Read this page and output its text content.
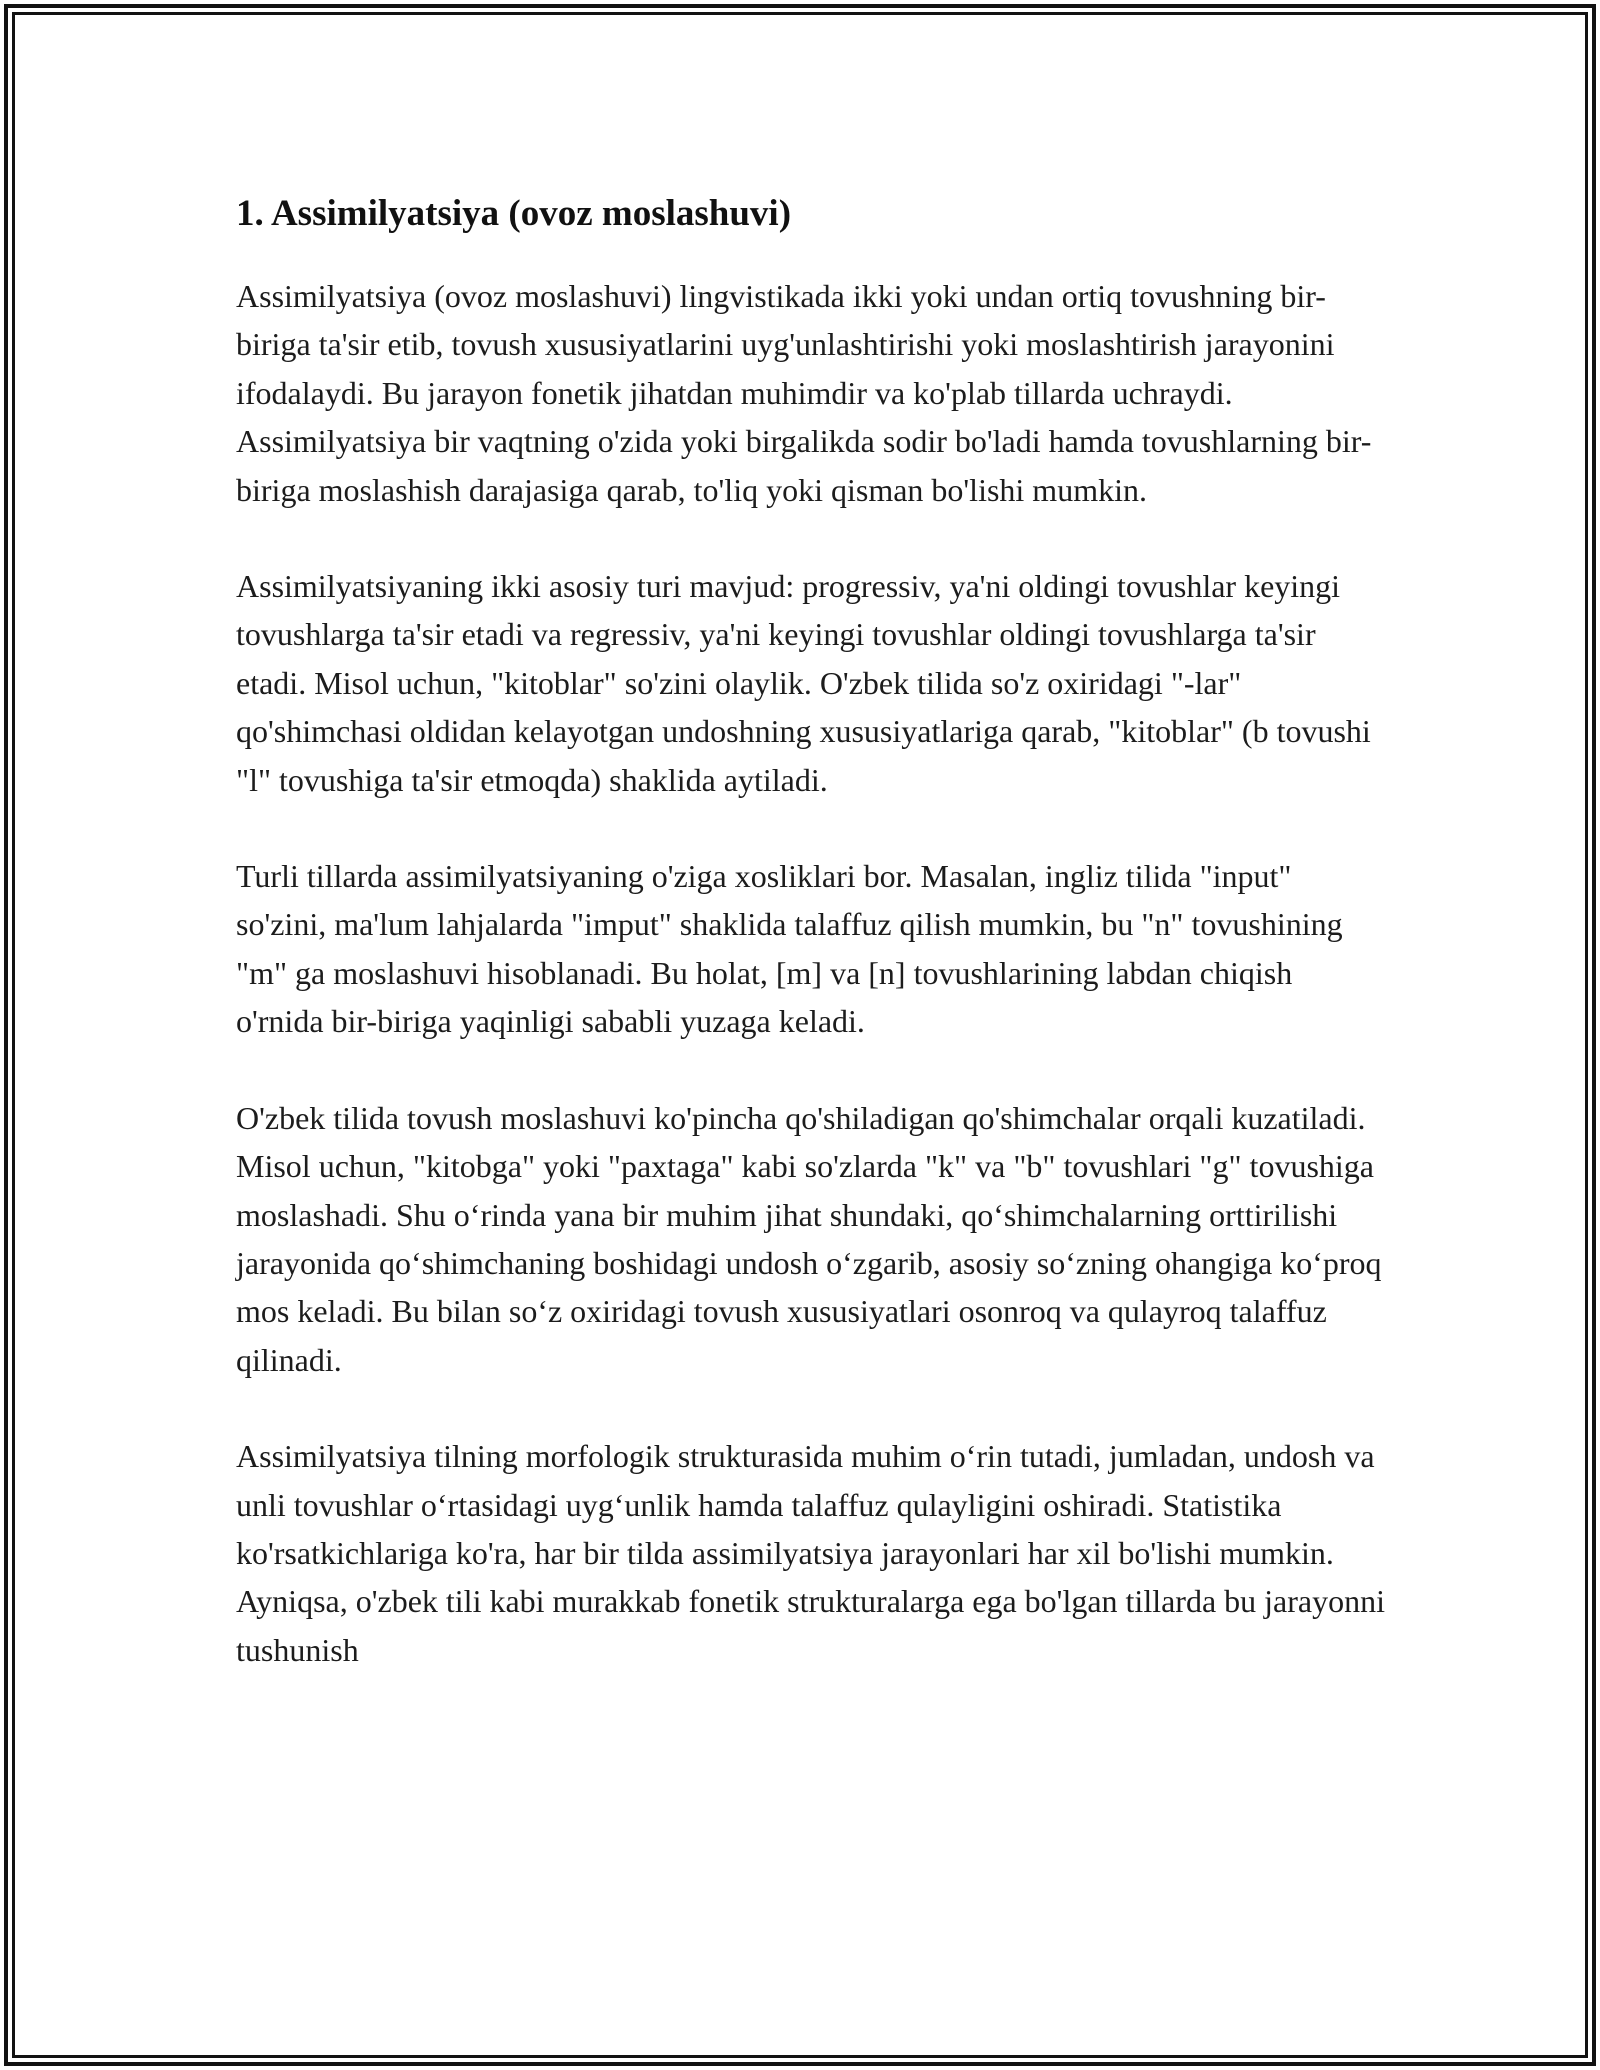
1. Assimilyatsiya (ovoz moslashuvi)

Assimilyatsiya (ovoz moslashuvi) lingvistikada ikki yoki undan ortiq tovushning bir-biriga ta'sir etib, tovush xususiyatlarini uyg'unlashtirishi yoki moslashtirish jarayonini ifodalaydi. Bu jarayon fonetik jihatdan muhimdir va ko'plab tillarda uchraydi. Assimilyatsiya bir vaqtning o'zida yoki birgalikda sodir bo'ladi hamda tovushlarning bir-biriga moslashish darajasiga qarab, to'liq yoki qisman bo'lishi mumkin.

Assimilyatsiyaning ikki asosiy turi mavjud: progressiv, ya'ni oldingi tovushlar keyingi tovushlarga ta'sir etadi va regressiv, ya'ni keyingi tovushlar oldingi tovushlarga ta'sir etadi. Misol uchun, "kitoblar" so'zini olaylik. O'zbek tilida so'z oxiridagi "-lar" qo'shimchasi oldidan kelayotgan undoshning xususiyatlariga qarab, "kitoblar" (b tovushi "l" tovushiga ta'sir etmoqda) shaklida aytiladi.

Turli tillarda assimilyatsiyaning o'ziga xosliklari bor. Masalan, ingliz tilida "input" so'zini, ma'lum lahjalarda "imput" shaklida talaffuz qilish mumkin, bu "n" tovushining "m" ga moslashuvi hisoblanadi. Bu holat, [m] va [n] tovushlarining labdan chiqish o'rnida bir-biriga yaqinligi sababli yuzaga keladi.

O'zbek tilida tovush moslashuvi ko'pincha qo'shiladigan qo'shimchalar orqali kuzatiladi. Misol uchun, "kitobga" yoki "paxtaga" kabi so'zlarda "k" va "b" tovushlari "g" tovushiga moslashadi. Shu o‘rinda yana bir muhim jihat shundaki, qo‘shimchalarning orttirilishi jarayonida qo‘shimchaning boshidagi undosh o‘zgarib, asosiy so‘zning ohangiga ko‘proq mos keladi. Bu bilan so‘z oxiridagi tovush xususiyatlari osonroq va qulayroq talaffuz qilinadi.

Assimilyatsiya tilning morfologik strukturasida muhim o‘rin tutadi, jumladan, undosh va unli tovushlar o‘rtasidagi uyg‘unlik hamda talaffuz qulayligini oshiradi. Statistika ko'rsatkichlariga ko'ra, har bir tilda assimilyatsiya jarayonlari har xil bo'lishi mumkin. Ayniqsa, o'zbek tili kabi murakkab fonetik strukturalarga ega bo'lgan tillarda bu jarayonni tushunish
